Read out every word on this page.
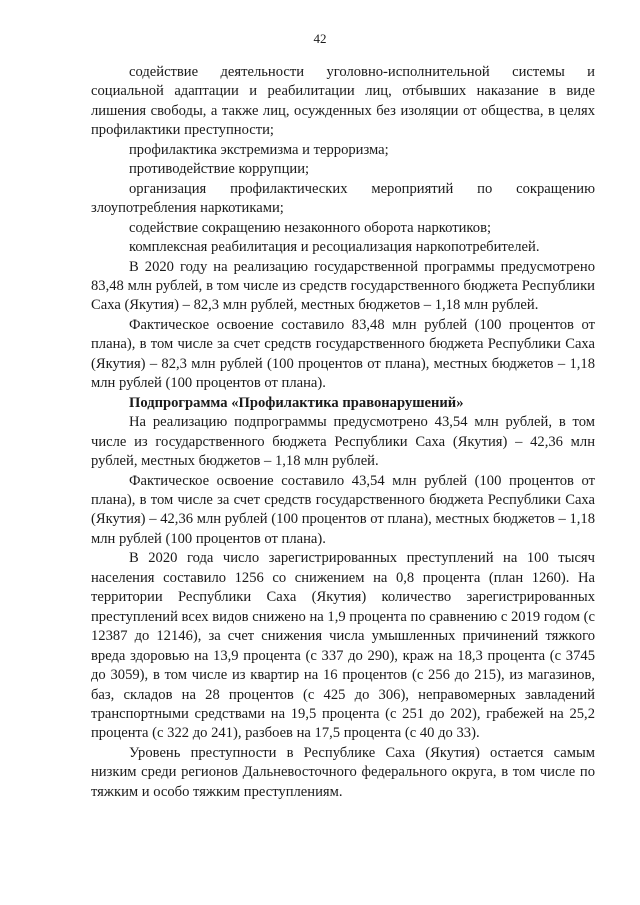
42

содействие деятельности уголовно-исполнительной системы и социальной адаптации и реабилитации лиц, отбывших наказание в виде лишения свободы, а также лиц, осужденных без изоляции от общества, в целях профилактики преступности;

профилактика экстремизма и терроризма;

противодействие коррупции;

организация профилактических мероприятий по сокращению злоупотребления наркотиками;

содействие сокращению незаконного оборота наркотиков;

комплексная реабилитация и ресоциализация наркопотребителей.

В 2020 году на реализацию государственной программы предусмотрено 83,48 млн рублей, в том числе из средств государственного бюджета Республики Саха (Якутия) – 82,3 млн рублей, местных бюджетов – 1,18 млн рублей.

Фактическое освоение составило 83,48 млн рублей (100 процентов от плана), в том числе за счет средств государственного бюджета Республики Саха (Якутия) – 82,3 млн рублей (100 процентов от плана), местных бюджетов – 1,18 млн рублей (100 процентов от плана).

Подпрограмма «Профилактика правонарушений»

На реализацию подпрограммы предусмотрено 43,54 млн рублей, в том числе из государственного бюджета Республики Саха (Якутия) – 42,36 млн рублей, местных бюджетов – 1,18 млн рублей.

Фактическое освоение составило 43,54 млн рублей (100 процентов от плана), в том числе за счет средств государственного бюджета Республики Саха (Якутия) – 42,36 млн рублей (100 процентов от плана), местных бюджетов – 1,18 млн рублей (100 процентов от плана).

В 2020 года число зарегистрированных преступлений на 100 тысяч населения составило 1256 со снижением на 0,8 процента (план 1260). На территории Республики Саха (Якутия) количество зарегистрированных преступлений всех видов снижено на 1,9 процента по сравнению с 2019 годом (с 12387 до 12146), за счет снижения числа умышленных причинений тяжкого вреда здоровью на 13,9 процента (с 337 до 290), краж на 18,3 процента (с 3745 до 3059), в том числе из квартир на 16 процентов (с 256 до 215), из магазинов, баз, складов на 28 процентов (с 425 до 306), неправомерных завладений транспортными средствами на 19,5 процента (с 251 до 202), грабежей на 25,2 процента (с 322 до 241), разбоев на 17,5 процента (с 40 до 33).

Уровень преступности в Республике Саха (Якутия) остается самым низким среди регионов Дальневосточного федерального округа, в том числе по тяжким и особо тяжким преступлениям.
